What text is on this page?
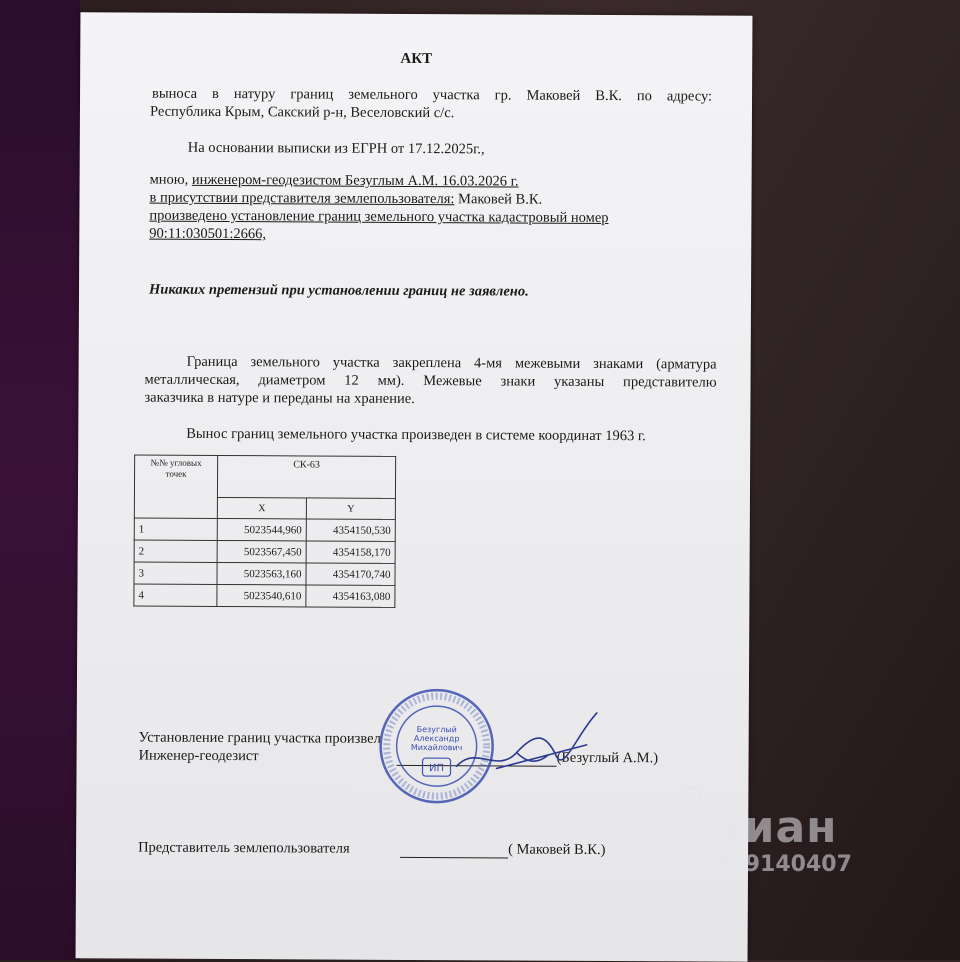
АКТ
выноса в натуру границ земельного участка гр. Маковей В.К. по адресу:
Республика Крым, Сакский р-н, Веселовский с/с.
На основании выписки из ЕГРН от 17.12.2025г.,
мною, инженером-геодезистом Безуглым А.М. 16.03.2026 г.
в присутствии представителя землепользователя: Маковей В.К.
произведено установление границ земельного участка кадастровый номер
90:11:030501:2666,
Никаких претензий при установлении границ не заявлено.
Граница земельного участка закреплена 4-мя межевыми знаками (арматура
металлическая, диаметром 12 мм). Межевые знаки указаны представителю
заказчика в натуре и переданы на хранение.
Вынос границ земельного участка произведен в системе координат 1963 г.
№№ угловых точек	СК-63	
	X	Y
1	5023544,960	4354150,530
2	5023567,450	4354158,170
3	5023563,160	4354170,740
4	5023540,610	4354163,080
Установление границ участка произвел
Инженер-геодезист	(Безуглый А.М.)
Представитель землепользователя	( Маковей В.К.)
Безуглый
Александр
Михайлович
ИП
циан
ID 329140407
